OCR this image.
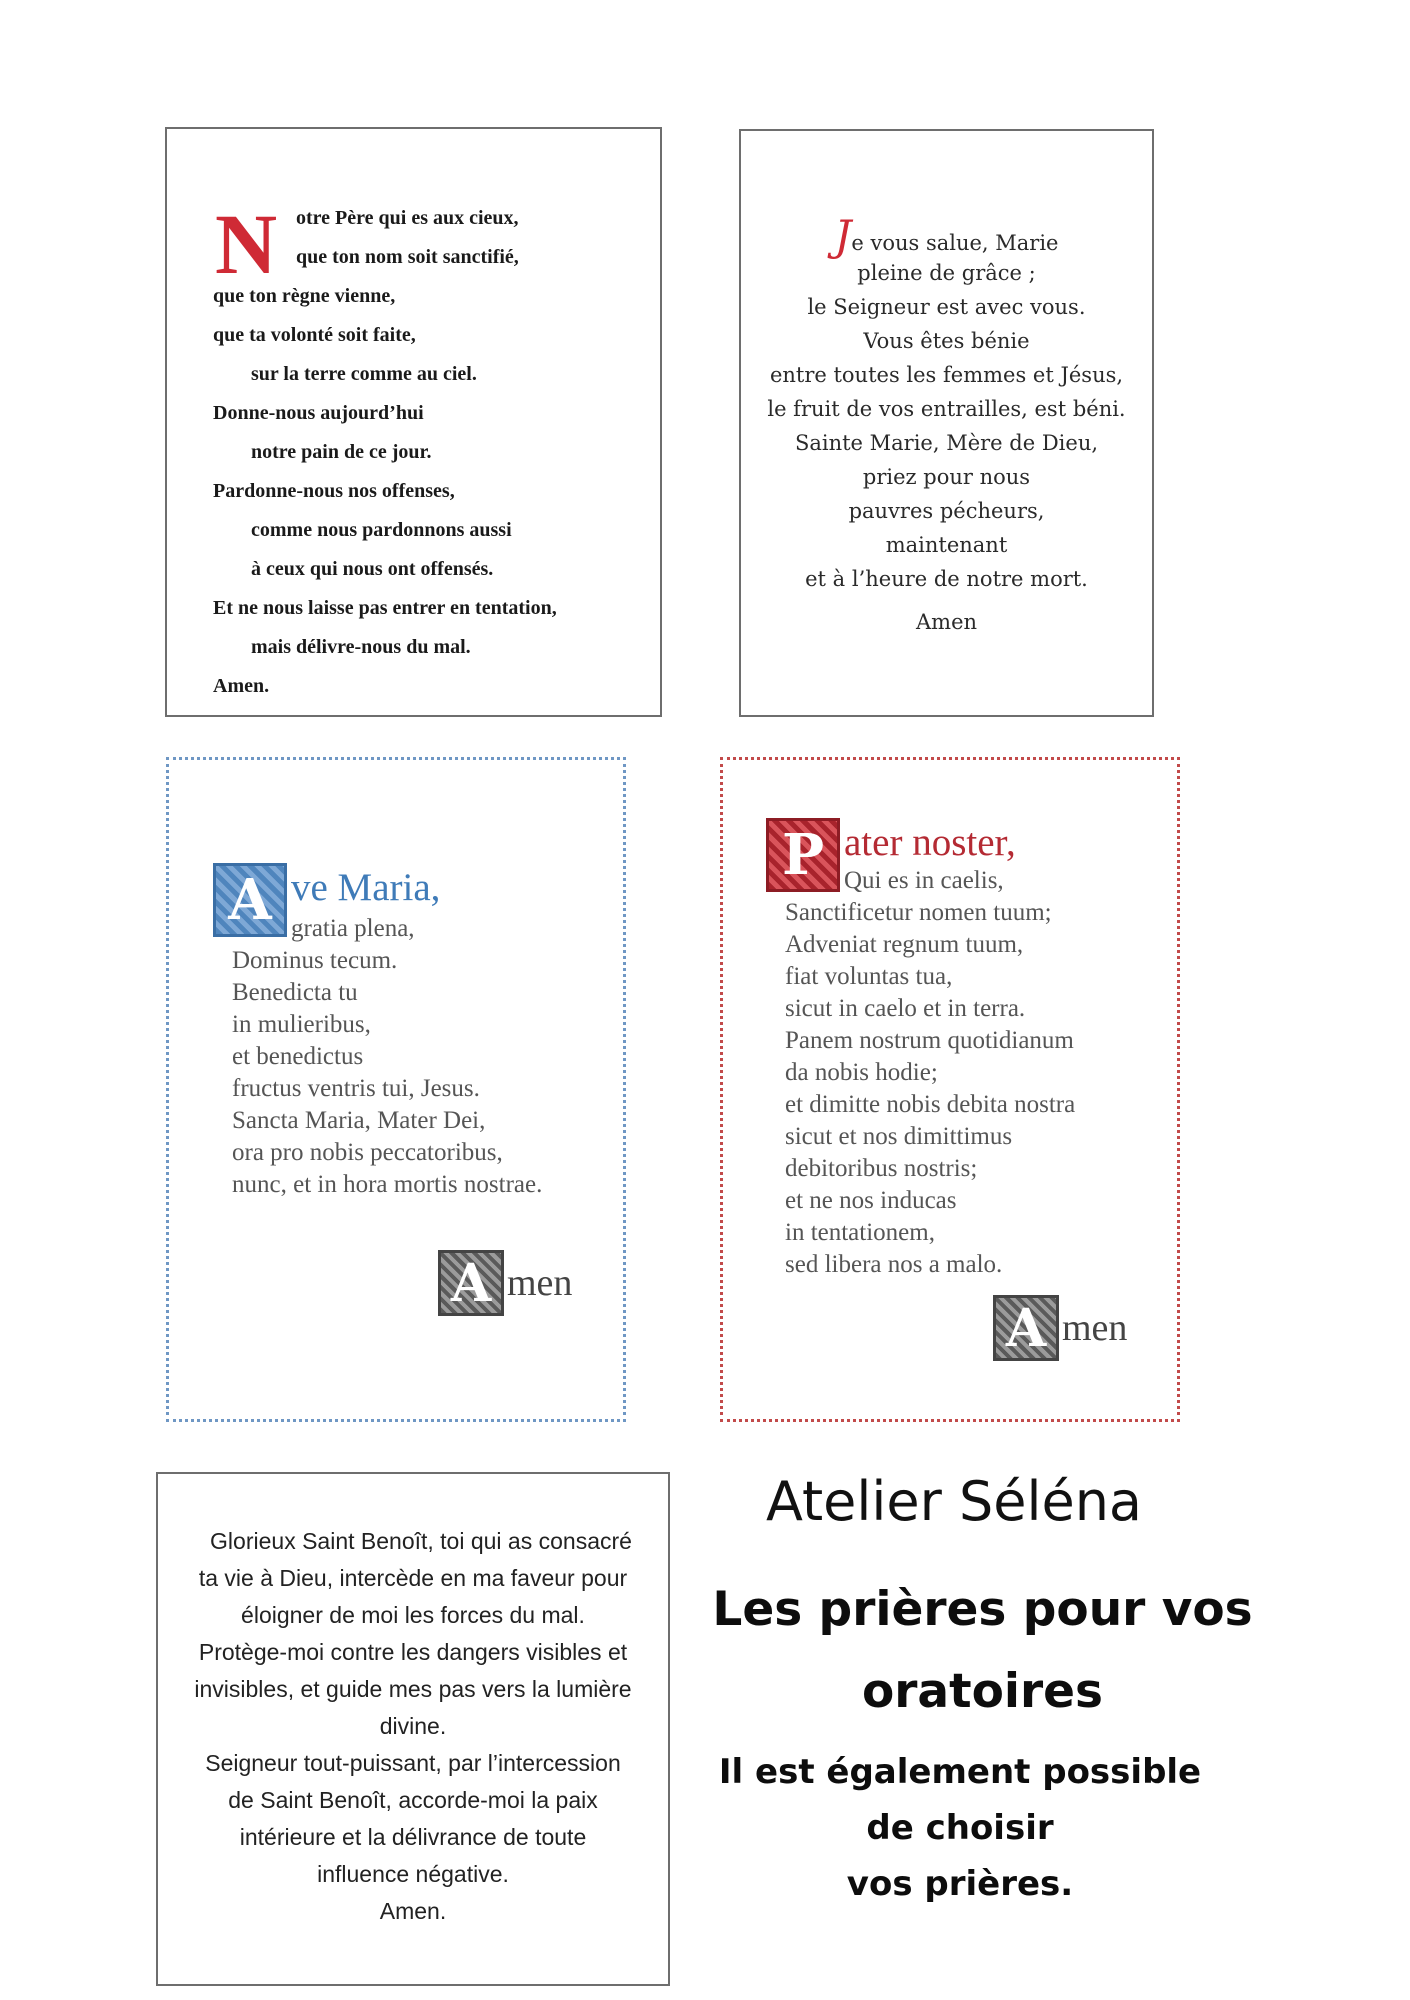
N otre Père qui es aux cieux,
que ton nom soit sanctifié,
que ton règne vienne,
que ta volonté soit faite,
sur la terre comme au ciel.
Donne-nous aujourd’hui
notre pain de ce jour.
Pardonne-nous nos offenses,
comme nous pardonnons aussi
à ceux qui nous ont offensés.
Et ne nous laisse pas entrer en tentation,
mais délivre-nous du mal.
Amen.
Je vous salue, Marie
pleine de grâce ;
le Seigneur est avec vous.
Vous êtes bénie
entre toutes les femmes et Jésus,
le fruit de vos entrailles, est béni.
Sainte Marie, Mère de Dieu,
priez pour nous
pauvres pécheurs,
maintenant
et à l’heure de notre mort.
Amen
A ve Maria,
gratia plena,
Dominus tecum.
Benedicta tu
in mulieribus,
et benedictus
fructus ventris tui, Jesus.
Sancta Maria, Mater Dei,
ora pro nobis peccatoribus,
nunc, et in hora mortis nostrae.
A men
P ater noster,
Qui es in caelis,
Sanctificetur nomen tuum;
Adveniat regnum tuum,
fiat voluntas tua,
sicut in caelo et in terra.
Panem nostrum quotidianum
da nobis hodie;
et dimitte nobis debita nostra
sicut et nos dimittimus
debitoribus nostris;
et ne nos inducas
in tentationem,
sed libera nos a malo.
A men
Glorieux Saint Benoît, toi qui as consacré
ta vie à Dieu, intercède en ma faveur pour
éloigner de moi les forces du mal.
Protège-moi contre les dangers visibles et
invisibles, et guide mes pas vers la lumière
divine.
Seigneur tout-puissant, par l’intercession
de Saint Benoît, accorde-moi la paix
intérieure et la délivrance de toute
influence négative.
Amen.
Atelier Séléna
Les prières pour vos
oratoires
Il est également possible
de choisir
vos prières.
